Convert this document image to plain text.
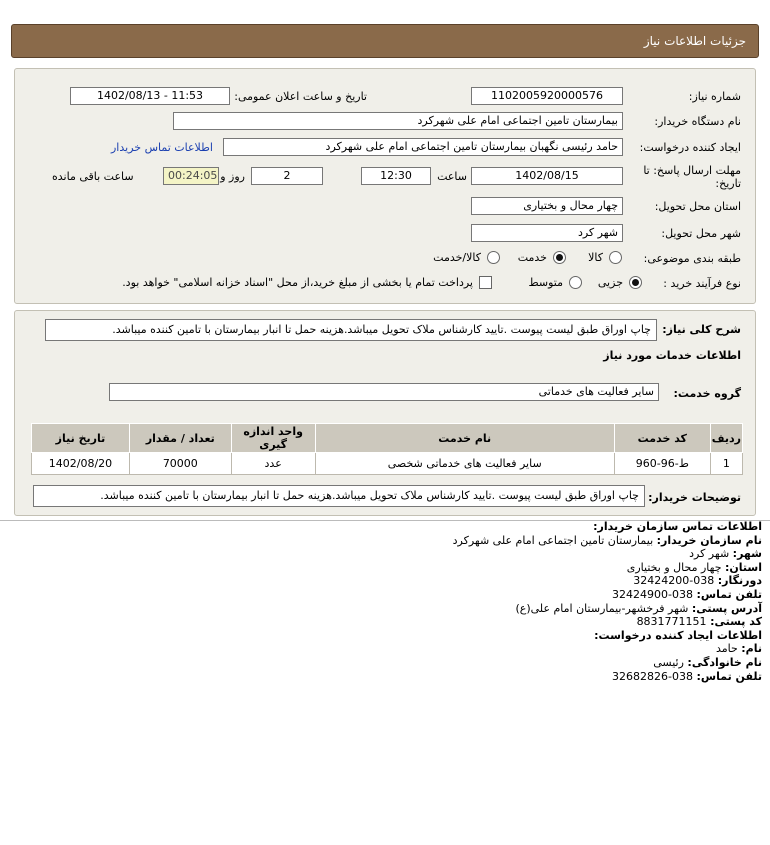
جزئیات اطلاعات نیاز
شماره نیاز:
1102005920000576
تاریخ و ساعت اعلان عمومی:
1402/08/13 - 11:53
نام دستگاه خریدار:
بیمارستان تامین اجتماعی امام علی شهرکرد
ایجاد کننده درخواست:
حامد رئیسی نگهبان بیمارستان تامین اجتماعی امام علی شهرکرد
اطلاعات تماس خریدار
مهلت ارسال پاسخ: تا تاریخ:
1402/08/15
ساعت
12:30
2
روز و
00:24:05
ساعت باقی مانده
استان محل تحویل:
چهار محال و بختیاری
شهر محل تحویل:
شهر کرد
طبقه بندی موضوعی:
کالا
خدمت
کالا/خدمت
نوع فرآیند خرید :
جزیی
متوسط
پرداخت تمام یا بخشی از مبلغ خرید،از محل "اسناد خزانه اسلامی" خواهد بود.
شرح کلی نیاز:
چاپ اوراق طبق لیست پیوست .تایید کارشناس ملاک تحویل میباشد.هزینه حمل تا انبار بیمارستان با تامین کننده میباشد.
اطلاعات خدمات مورد نیاز
گروه خدمت:
سایر فعالیت های خدماتی
تاریخ نیاز	تعداد / مقدار	واحد اندازه گیری	نام خدمت	کد خدمت	ردیف
1402/08/20	70000	عدد	سایر فعالیت های خدماتی شخصی	ط-96-960	1
توضیحات خریدار:
چاپ اوراق طبق لیست پیوست .تایید کارشناس ملاک تحویل میباشد.هزینه حمل تا انبار بیمارستان با تامین کننده میباشد.
اطلاعات تماس سازمان خریدار:
نام سازمان خریدار: بیمارستان تامین اجتماعی امام علی شهرکرد
شهر: شهر کرد
استان: چهار محال و بختیاری
دورنگار: 038-32424200
تلفن تماس: 038-32424900
آدرس پستی: شهر فرخشهر-بیمارستان امام علی(ع)
کد پستی: 8831771151
اطلاعات ایجاد کننده درخواست:
نام: حامد
نام خانوادگی: رئیسی
تلفن تماس: 038-32682826
